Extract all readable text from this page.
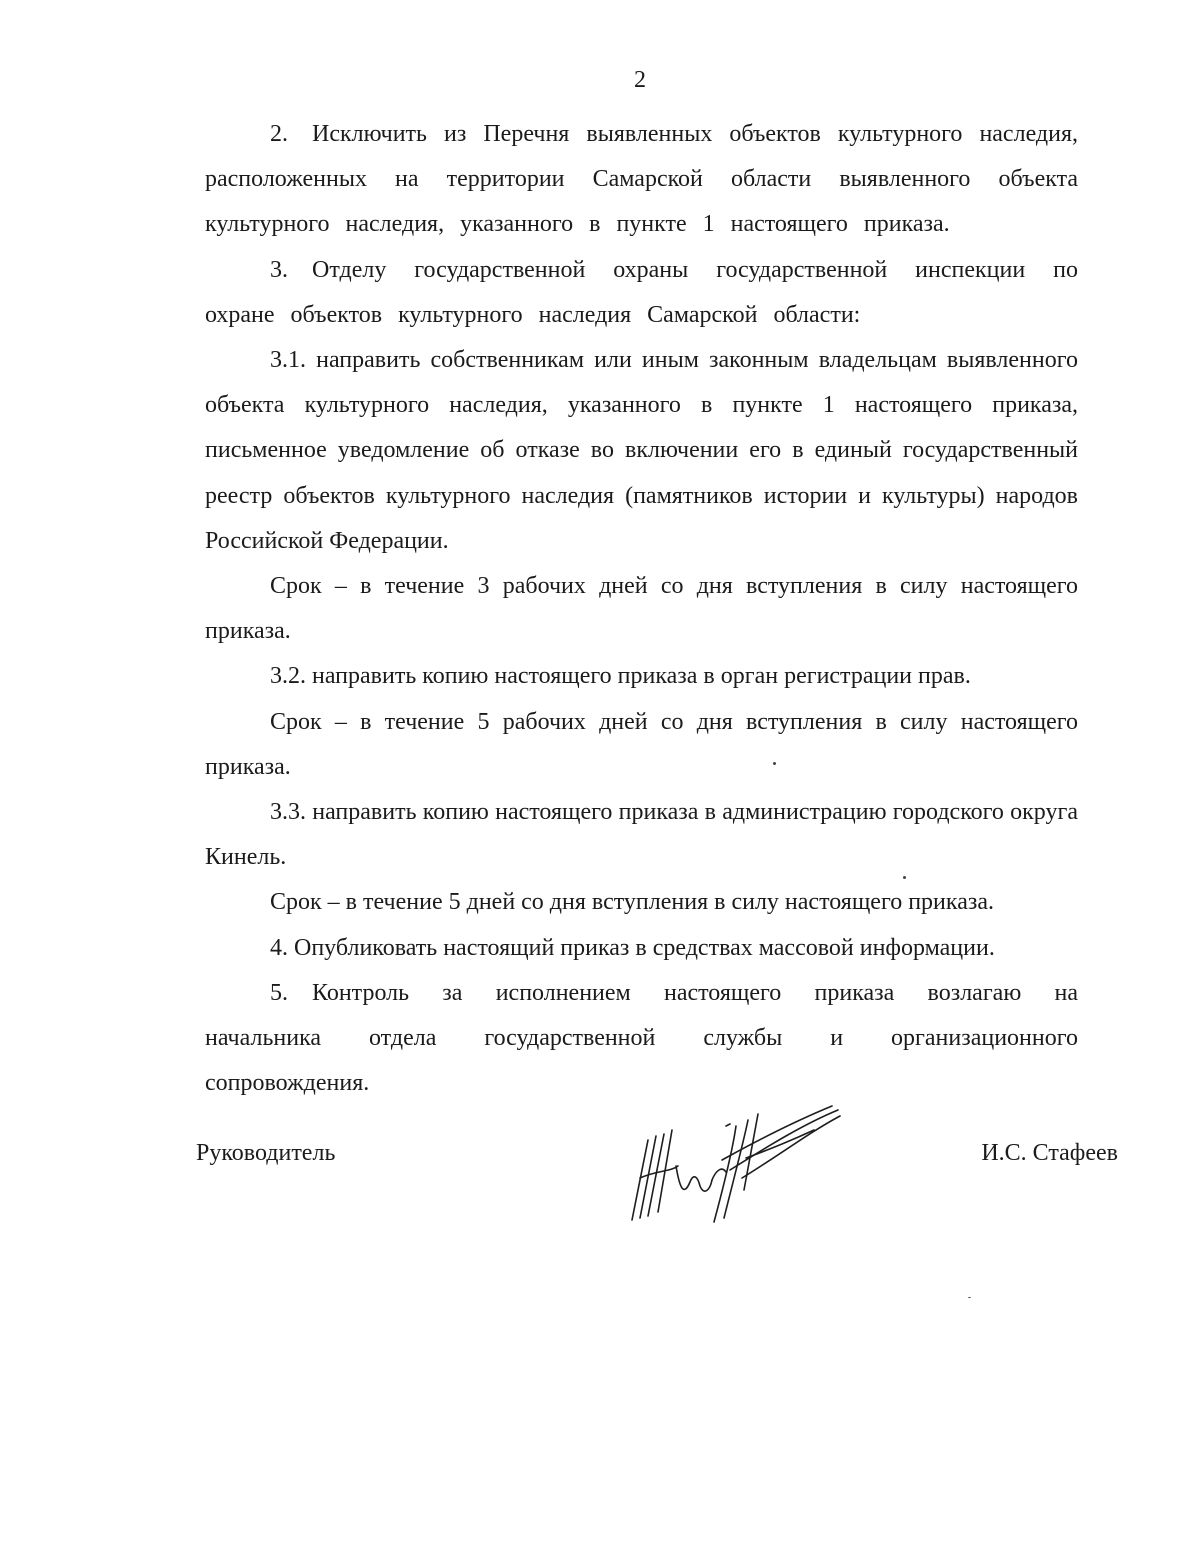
2

2. Исключить из Перечня выявленных объектов культурного наследия, расположенных на территории Самарской области выявленного объекта культурного наследия, указанного в пункте 1 настоящего приказа.

3. Отделу государственной охраны государственной инспекции по охране объектов культурного наследия Самарской области:

3.1. направить собственникам или иным законным владельцам выявленного объекта культурного наследия, указанного в пункте 1 настоящего приказа, письменное уведомление об отказе во включении его в единый государственный реестр объектов культурного наследия (памятников истории и культуры) народов Российской Федерации.

Срок – в течение 3 рабочих дней со дня вступления в силу настоящего приказа.

3.2. направить копию настоящего приказа в орган регистрации прав.

Срок – в течение 5 рабочих дней со дня вступления в силу настоящего приказа.

3.3. направить копию настоящего приказа в администрацию городского округа Кинель.

Срок – в течение 5 дней со дня вступления в силу настоящего приказа.

4. Опубликовать настоящий приказ в средствах массовой информации.

5. Контроль за исполнением настоящего приказа возлагаю на начальника отдела государственной службы и организационного сопровождения.

Руководитель	И.С. Стафеев
